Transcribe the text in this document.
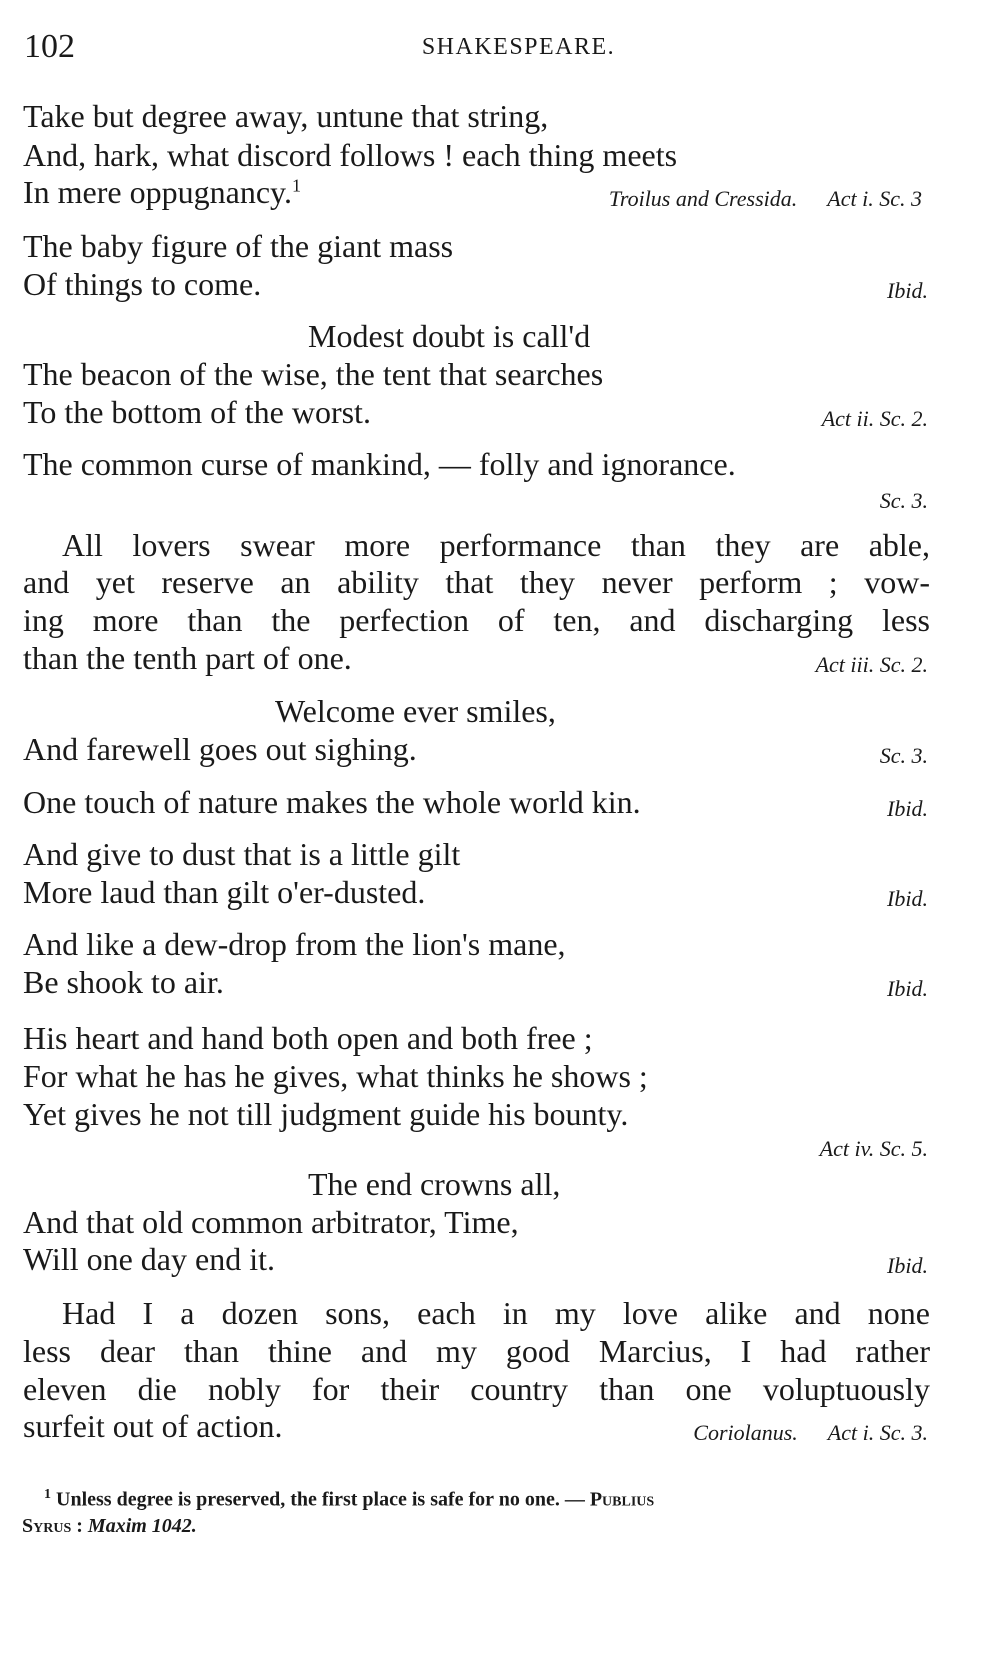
102	SHAKESPEARE.
Take but degree away, untune that string,
And, hark, what discord follows ! each thing meets
In mere oppugnancy.$^1$
Troilus and Cressida. Act i. Sc. 3
The baby figure of the giant mass
Of things to come.	Ibid.
Modest doubt is call'd
The beacon of the wise, the tent that searches
To the bottom of the worst.	Act ii. Sc. 2.
The common curse of mankind, — folly and ignorance.
Sc. 3.
All lovers swear more performance than they are able,
and yet reserve an ability that they never perform ; vow-
ing more than the perfection of ten, and discharging less
than the tenth part of one.	Act iii. Sc. 2.
Welcome ever smiles,
And farewell goes out sighing.	Sc. 3.
One touch of nature makes the whole world kin.	Ibid.
And give to dust that is a little gilt
More laud than gilt o'er-dusted.	Ibid.
And like a dew-drop from the lion's mane,
Be shook to air.	Ibid.
His heart and hand both open and both free ;
For what he has he gives, what thinks he shows ;
Yet gives he not till judgment guide his bounty.
Act iv. Sc. 5.
The end crowns all,
And that old common arbitrator, Time,
Will one day end it.	Ibid.
Had I a dozen sons, each in my love alike and none
less dear than thine and my good Marcius, I had rather
eleven die nobly for their country than one voluptuously
surfeit out of action.	Coriolanus. Act i. Sc. 3.
$^1$ Unless degree is preserved, the first place is safe for no one. — Publius
Syrus : Maxim 1042.
